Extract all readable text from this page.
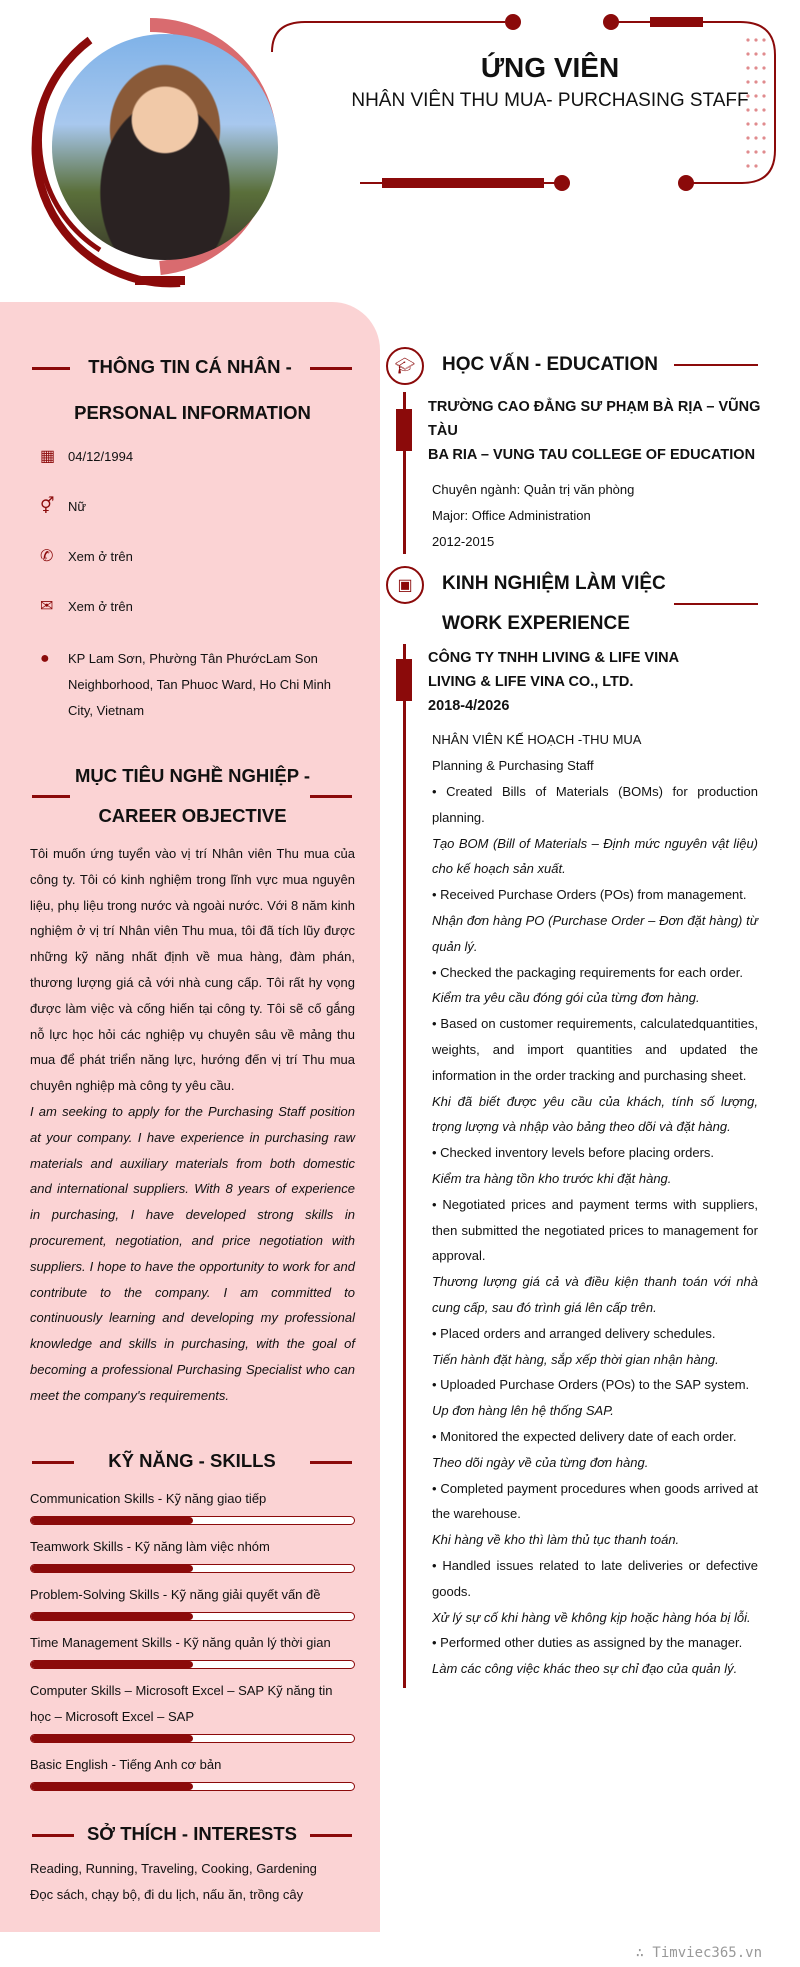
ỨNG VIÊN
NHÂN VIÊN THU MUA- PURCHASING STAFF
THÔNG TIN CÁ NHÂN -
PERSONAL INFORMATION
▦ 04/12/1994
⚥	Nữ
✆	Xem ở trên
✉	Xem ở trên
●	KP Lam Sơn, Phường Tân PhướcLam Son Neighborhood, Tan Phuoc Ward, Ho Chi Minh City, Vietnam
MỤC TIÊU NGHỀ NGHIỆP -
CAREER OBJECTIVE
Tôi muốn ứng tuyển vào vị trí Nhân viên Thu mua của công ty. Tôi có kinh nghiệm trong lĩnh vực mua nguyên liệu, phụ liệu trong nước và ngoài nước. Với 8 năm kinh nghiệm ở vị trí Nhân viên Thu mua, tôi đã tích lũy được những kỹ năng nhất định về mua hàng, đàm phán, thương lượng giá cả với nhà cung cấp. Tôi rất hy vọng được làm việc và cống hiến tại công ty. Tôi sẽ cố gắng nỗ lực học hỏi các nghiệp vụ chuyên sâu về mảng thu mua để phát triển năng lực, hướng đến vị trí Thu mua chuyên nghiệp mà công ty yêu cầu.
I am seeking to apply for the Purchasing Staff position at your company. I have experience in purchasing raw materials and auxiliary materials from both domestic and international suppliers. With 8 years of experience in purchasing, I have developed strong skills in procurement, negotiation, and price negotiation with suppliers. I hope to have the opportunity to work for and contribute to the company. I am committed to continuously learning and developing my professional knowledge and skills in purchasing, with the goal of becoming a professional Purchasing Specialist who can meet the company's requirements.
KỸ NĂNG - SKILLS
Communication Skills - Kỹ năng giao tiếp
Teamwork Skills - Kỹ năng làm việc nhóm
Problem-Solving Skills - Kỹ năng giải quyết vấn đề
Time Management Skills - Kỹ năng quản lý thời gian
Computer Skills – Microsoft Excel – SAP Kỹ năng tin học – Microsoft Excel – SAP
Basic English - Tiếng Anh cơ bản
SỞ THÍCH - INTERESTS
Reading, Running, Traveling, Cooking, Gardening
Đọc sách, chạy bộ, đi du lịch, nấu ăn, trồng cây
🎓︎	HỌC VẤN - EDUCATION
TRƯỜNG CAO ĐẲNG SƯ PHẠM BÀ RỊA – VŨNG TÀU
BA RIA – VUNG TAU COLLEGE OF EDUCATION
Chuyên ngành: Quản trị văn phòng
Major: Office Administration
2012-2015
▣	KINH NGHIỆM LÀM VIỆC
WORK EXPERIENCE
CÔNG TY TNHH LIVING & LIFE VINA
LIVING & LIFE VINA CO., LTD.
2018-4/2026
NHÂN VIÊN KẾ HOẠCH -THU MUA
Planning & Purchasing Staff
• Created Bills of Materials (BOMs) for production planning.
Tạo BOM (Bill of Materials – Định mức nguyên vật liệu) cho kế hoạch sản xuất.
• Received Purchase Orders (POs) from management.
Nhận đơn hàng PO (Purchase Order – Đơn đặt hàng) từ quản lý.
• Checked the packaging requirements for each order.
Kiểm tra yêu cầu đóng gói của từng đơn hàng.
• Based on customer requirements, calculatedquantities, weights, and import quantities and updated the information in the order tracking and purchasing sheet.
Khi đã biết được yêu cầu của khách, tính số lượng, trọng lượng và nhập vào bảng theo dõi và đặt hàng.
• Checked inventory levels before placing orders.
Kiểm tra hàng tồn kho trước khi đặt hàng.
• Negotiated prices and payment terms with suppliers, then submitted the negotiated prices to management for approval.
Thương lượng giá cả và điều kiện thanh toán với nhà cung cấp, sau đó trình giá lên cấp trên.
• Placed orders and arranged delivery schedules.
Tiến hành đặt hàng, sắp xếp thời gian nhận hàng.
• Uploaded Purchase Orders (POs) to the SAP system.
Up đơn hàng lên hệ thống SAP.
• Monitored the expected delivery date of each order.
Theo dõi ngày về của từng đơn hàng.
• Completed payment procedures when goods arrived at the warehouse.
Khi hàng về kho thì làm thủ tục thanh toán.
• Handled issues related to late deliveries or defective goods.
Xử lý sự cố khi hàng về không kịp hoặc hàng hóa bị lỗi.
• Performed other duties as assigned by the manager.
Làm các công việc khác theo sự chỉ đạo của quản lý.
∴ Timviec365.vn
